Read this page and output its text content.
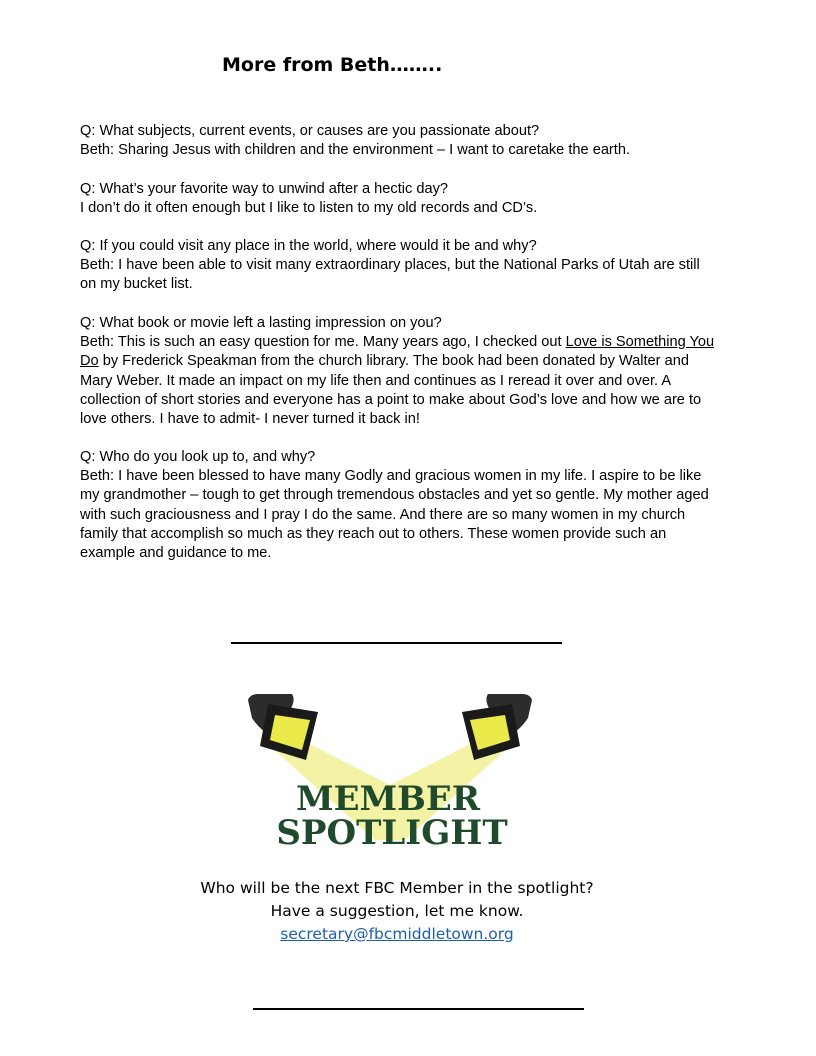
More from Beth……..

Q: What subjects, current events, or causes are you passionate about?

Beth: Sharing Jesus with children and the environment – I want to caretake the earth.

Q: What’s your favorite way to unwind after a hectic day?

I don’t do it often enough but I like to listen to my old records and CD’s.

Q: If you could visit any place in the world, where would it be and why?

Beth: I have been able to visit many extraordinary places, but the National Parks of Utah are still on my bucket list.

Q: What book or movie left a lasting impression on you?

Beth: This is such an easy question for me. Many years ago, I checked out Love is Something You Do by Frederick Speakman from the church library. The book had been donated by Walter and Mary Weber. It made an impact on my life then and continues as I reread it over and over. A collection of short stories and everyone has a point to make about God’s love and how we are to love others. I have to admit- I never turned it back in!

Q: Who do you look up to, and why?

Beth: I have been blessed to have many Godly and gracious women in my life. I aspire to be like my grandmother – tough to get through tremendous obstacles and yet so gentle. My mother aged with such graciousness and I pray I do the same. And there are so many women in my church family that accomplish so much as they reach out to others. These women provide such an example and guidance to me.

MEMBER
SPOTLIGHT
Who will be the next FBC Member in the spotlight?
Have a suggestion, let me know.
secretary@fbcmiddletown.org
